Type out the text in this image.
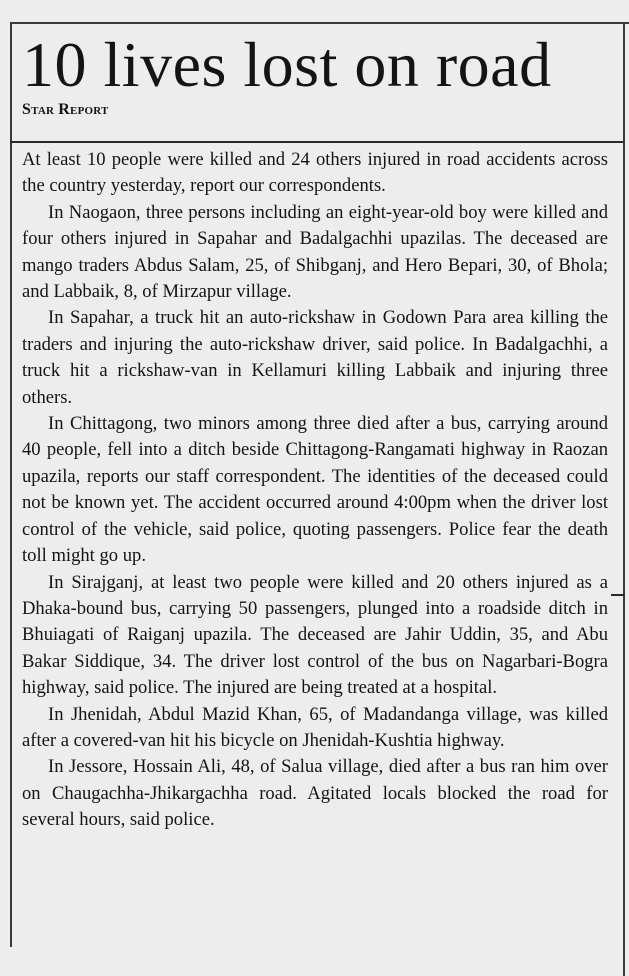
10 lives lost on road
Star Report

At least 10 people were killed and 24 others injured in road accidents across the country yesterday, report our correspondents.

In Naogaon, three persons including an eight-year-old boy were killed and four others injured in Sapahar and Badalgachhi upazilas. The deceased are mango traders Abdus Salam, 25, of Shibganj, and Hero Bepari, 30, of Bhola; and Labbaik, 8, of Mirzapur village.

In Sapahar, a truck hit an auto-rickshaw in Godown Para area killing the traders and injuring the auto-rickshaw driver, said police. In Badalgachhi, a truck hit a rickshaw-van in Kellamuri killing Labbaik and injuring three others.

In Chittagong, two minors among three died after a bus, carrying around 40 people, fell into a ditch beside Chittagong-Rangamati highway in Raozan upazila, reports our staff correspondent. The identities of the deceased could not be known yet. The accident occurred around 4:00pm when the driver lost control of the vehicle, said police, quoting passengers. Police fear the death toll might go up.

In Sirajganj, at least two people were killed and 20 others injured as a Dhaka-bound bus, carrying 50 passengers, plunged into a roadside ditch in Bhuiagati of Raiganj upazila. The deceased are Jahir Uddin, 35, and Abu Bakar Siddique, 34. The driver lost control of the bus on Nagarbari-Bogra highway, said police. The injured are being treated at a hospital.

In Jhenidah, Abdul Mazid Khan, 65, of Madandanga village, was killed after a covered-van hit his bicycle on Jhenidah-Kushtia highway.

In Jessore, Hossain Ali, 48, of Salua village, died after a bus ran him over on Chaugachha-Jhikargachha road. Agitated locals blocked the road for several hours, said police.
